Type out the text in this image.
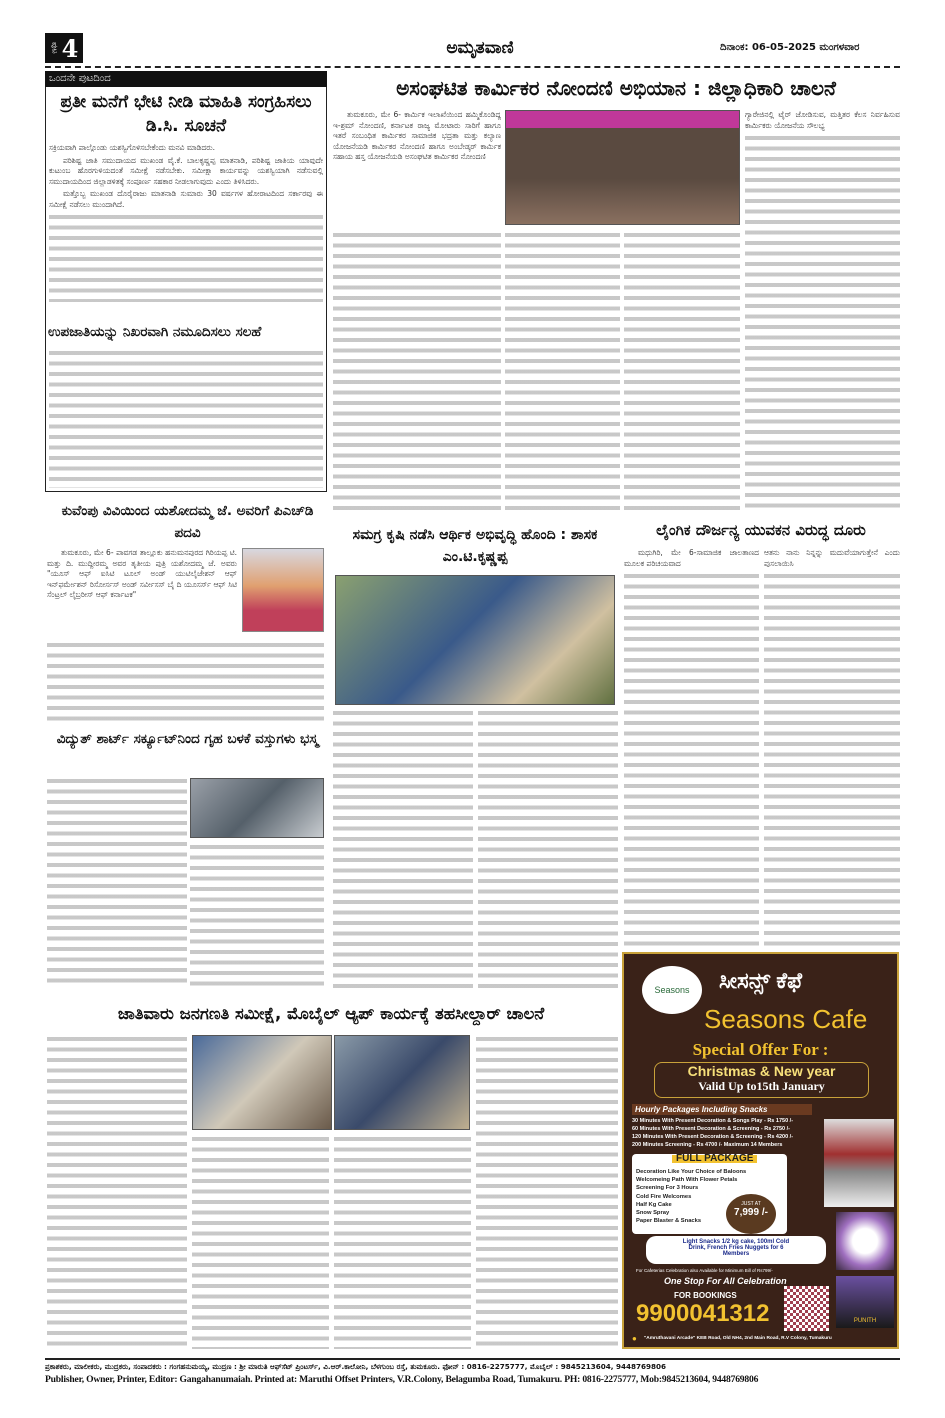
ಪುಟ 4	ಅಮೃತವಾಣಿ	ದಿನಾಂಕ: 06-05-2025 ಮಂಗಳವಾರ
ಒಂದನೇ ಪುಟದಿಂದ
ಪ್ರತೀ ಮನೆಗೆ ಭೇಟಿ ನೀಡಿ ಮಾಹಿತಿ ಸಂಗ್ರಹಿಸಲು ಡಿ.ಸಿ. ಸೂಚನೆ

ಸಕ್ರಿಯವಾಗಿ ಪಾಲ್ಗೊಂಡು ಯಶಸ್ವಿಗೊಳಿಸಬೇಕೆಂದು ಮನವಿ ಮಾಡಿದರು.

ಪರಿಶಿಷ್ಟ ಜಾತಿ ಸಮುದಾಯದ ಮುಖಂಡ ವೈ.ಕೆ. ಬಾಲಕೃಷ್ಣಪ್ಪ ಮಾತನಾಡಿ, ಪರಿಶಿಷ್ಟ ಜಾತಿಯ ಯಾವುದೇ ಕುಟುಂಬ ಹೊರಗುಳಿಯದಂತೆ ಸಮೀಕ್ಷೆ ನಡೆಸಬೇಕು. ಸಮೀಕ್ಷಾ ಕಾರ್ಯವನ್ನು ಯಶಸ್ವಿಯಾಗಿ ನಡೆಸುವಲ್ಲಿ ಸಮುದಾಯದಿಂದ ಜಿಲ್ಲಾಡಳಿತಕ್ಕೆ ಸಂಪೂರ್ಣ ಸಹಕಾರ ನೀಡಲಾಗುವುದು ಎಂದು ತಿಳಿಸಿದರು.

ಮತ್ತೊಬ್ಬ ಮುಖಂಡ ದೊರೈರಾಜು ಮಾತನಾಡಿ ಸುಮಾರು 30 ವರ್ಷಗಳ ಹೋರಾಟದಿಂದ ಸರ್ಕಾರವು ಈ ಸಮೀಕ್ಷೆ ನಡೆಸಲು ಮುಂದಾಗಿದೆ.

ಉಪಜಾತಿಯನ್ನು ನಿಖರವಾಗಿ ನಮೂದಿಸಲು ಸಲಹೆ
ಕುವೆಂಪು ವಿವಿಯಿಂದ ಯಶೋದಮ್ಮ ಜೆ. ಅವರಿಗೆ ಪಿಎಚ್‌ಡಿ ಪದವಿ

ತುಮಕೂರು, ಮೇ 6- ಪಾವಗಡ ತಾಲ್ಲೂಕು ಹನುಮನಪುರದ ಗಿರಿಯಪ್ಪ ಟಿ. ಮತ್ತು ದಿ. ಮುದ್ದೀರಮ್ಮ ಅವರ ತೃತೀಯ ಪುತ್ರಿ ಯಶೋದಮ್ಮ ಜೆ. ಅವರು "ಯೂಸ್ ಆಫ್ ಐಸಿಟಿ ಟೂಲ್ ಅಂಡ್ ಯುಟಿಲೈಜೇಶನ್ ಆಫ್ ಇನ್‌ಫರ್ಮೇಶನ್ ರಿಸೋರ್ಸಸ್ ಅಂಡ್ ಸರ್ವೀಸಸ್ ಬೈ ದಿ ಯೂಸರ್ಸ್ ಆಫ್ ಸಿಟಿ ಸೆಂಟ್ರಲ್ ಲೈಬ್ರರೀಸ್ ಆಫ್ ಕರ್ನಾಟಕ"

ವಿದ್ಯುತ್ ಶಾರ್ಟ್ ಸರ್ಕ್ಯೂಟ್‌ನಿಂದ ಗೃಹ ಬಳಕೆ ವಸ್ತುಗಳು ಭಸ್ಮ
ಅಸಂಘಟಿತ ಕಾರ್ಮಿಕರ ನೋಂದಣಿ ಅಭಿಯಾನ : ಜಿಲ್ಲಾಧಿಕಾರಿ ಚಾಲನೆ

ತುಮಕೂರು, ಮೇ 6- ಕಾರ್ಮಿಕ ಇಲಾಖೆಯಿಂದ ಹಮ್ಮಿಕೊಂಡಿದ್ದ ಇ-ಶ್ರಮ್ ನೋಂದಣಿ, ಕರ್ನಾಟಕ ರಾಜ್ಯ ಮೋಟಾರು ಸಾರಿಗೆ ಹಾಗೂ ಇತರೆ ಸಂಬಂಧಿತ ಕಾರ್ಮಿಕರ ಸಾಮಾಜಿಕ ಭದ್ರತಾ ಮತ್ತು ಕಲ್ಯಾಣ ಯೋಜನೆಯಡಿ ಕಾರ್ಮಿಕರ ನೋಂದಣಿ ಹಾಗೂ ಅಂಬೇಡ್ಕರ್ ಕಾರ್ಮಿಕ ಸಹಾಯ ಹಸ್ತ ಯೋಜನೆಯಡಿ ಅಸಂಘಟಿತ ಕಾರ್ಮಿಕರ ನೋಂದಣಿ

ಗ್ಯಾರೇಜಿನಲ್ಲಿ ಟೈರ್ ಜೋಡಿಸುವ, ಮತ್ತಿತರ ಕೆಲಸ ನಿರ್ವಹಿಸುವ ಕಾರ್ಮಿಕರು ಯೋಜನೆಯ ಸೌಲಭ್ಯ

ಸಮಗ್ರ ಕೃಷಿ ನಡೆಸಿ ಆರ್ಥಿಕ ಅಭಿವೃದ್ಧಿ ಹೊಂದಿ : ಶಾಸಕ ಎಂ.ಟಿ.ಕೃಷ್ಣಪ್ಪ
ಲೈಂಗಿಕ ದೌರ್ಜನ್ಯ ಯುವಕನ ವಿರುದ್ಧ ದೂರು

ಮಧುಗಿರಿ, ಮೇ 6-ಸಾಮಾಜಿಕ ಜಾಲತಾಣದ ಮೂಲಕ ಪರಿಚಯವಾದ

ಆತನು ನಾನು ನಿನ್ನನ್ನು ಮದುವೆಯಾಗುತ್ತೇನೆ ಎಂದು ಪುಸಲಾಯಿಸಿ

Seasons ಸೀಸನ್ಸ್ ಕೆಫೆ
Seasons Cafe
Special Offer For :
Christmas & New year
Valid Up to15th January
Hourly Packages Including Snacks
30 Minutes With Present Decoration & Songs Play - Rs 1750 /-
60 Minutes With Present Decoration & Screening - Rs 2750 /-
120 Minutes With Present Decoration & Screening - Rs 4200 /-
200 Minutes Screening - Rs 4700 /- Maximum 14 Members
FULL PACKAGE
Decoration Like Your Choice of Baloons
Welcomeing Path With Flower Petals
Screening For 3 Hours
Cold Fire Welcomes
Half Kg Cake
Snow Spray
Paper Blaster & Snacks
JUST AT
7,999 /-
Light Snacks 1/2 kg cake, 100ml Cold Drink, French Fries Nuggets for 6 Members
For Cafeterias Celebration also Available for Minimum Bill of Rs799/-
One Stop For All Celebration
FOR BOOKINGS
9900041312	PUNITH
● "Amruthavani Arcade" KEB Road, Old NH4, 2nd Main Road, R.V Colony, Tumakuru
ಜಾತಿವಾರು ಜನಗಣತಿ ಸಮೀಕ್ಷೆ, ಮೊಬೈಲ್ ಆ್ಯಪ್ ಕಾರ್ಯಕ್ಕೆ ತಹಸೀಲ್ದಾರ್ ಚಾಲನೆ
ಪ್ರಕಾಶಕರು, ಮಾಲೀಕರು, ಮುದ್ರಕರು, ಸಂಪಾದಕರು : ಗಂಗಹನುಮಯ್ಯ, ಮುದ್ರಣ : ಶ್ರೀ ಮಾರುತಿ ಆಫ್‌ಸೆಟ್ ಪ್ರಿಂಟರ್ಸ್, ವಿ.ಆರ್.ಕಾಲೋನಿ, ಬೆಳಗುಂಬ ರಸ್ತೆ, ತುಮಕೂರು. ಫೋನ್ : 0816-2275777, ಮೊಬೈಲ್ : 9845213604, 9448769806
Publisher, Owner, Printer, Editor: Gangahanumaiah. Printed at: Maruthi Offset Printers, V.R.Colony, Belagumba Road, Tumakuru. PH: 0816-2275777, Mob:9845213604, 9448769806
